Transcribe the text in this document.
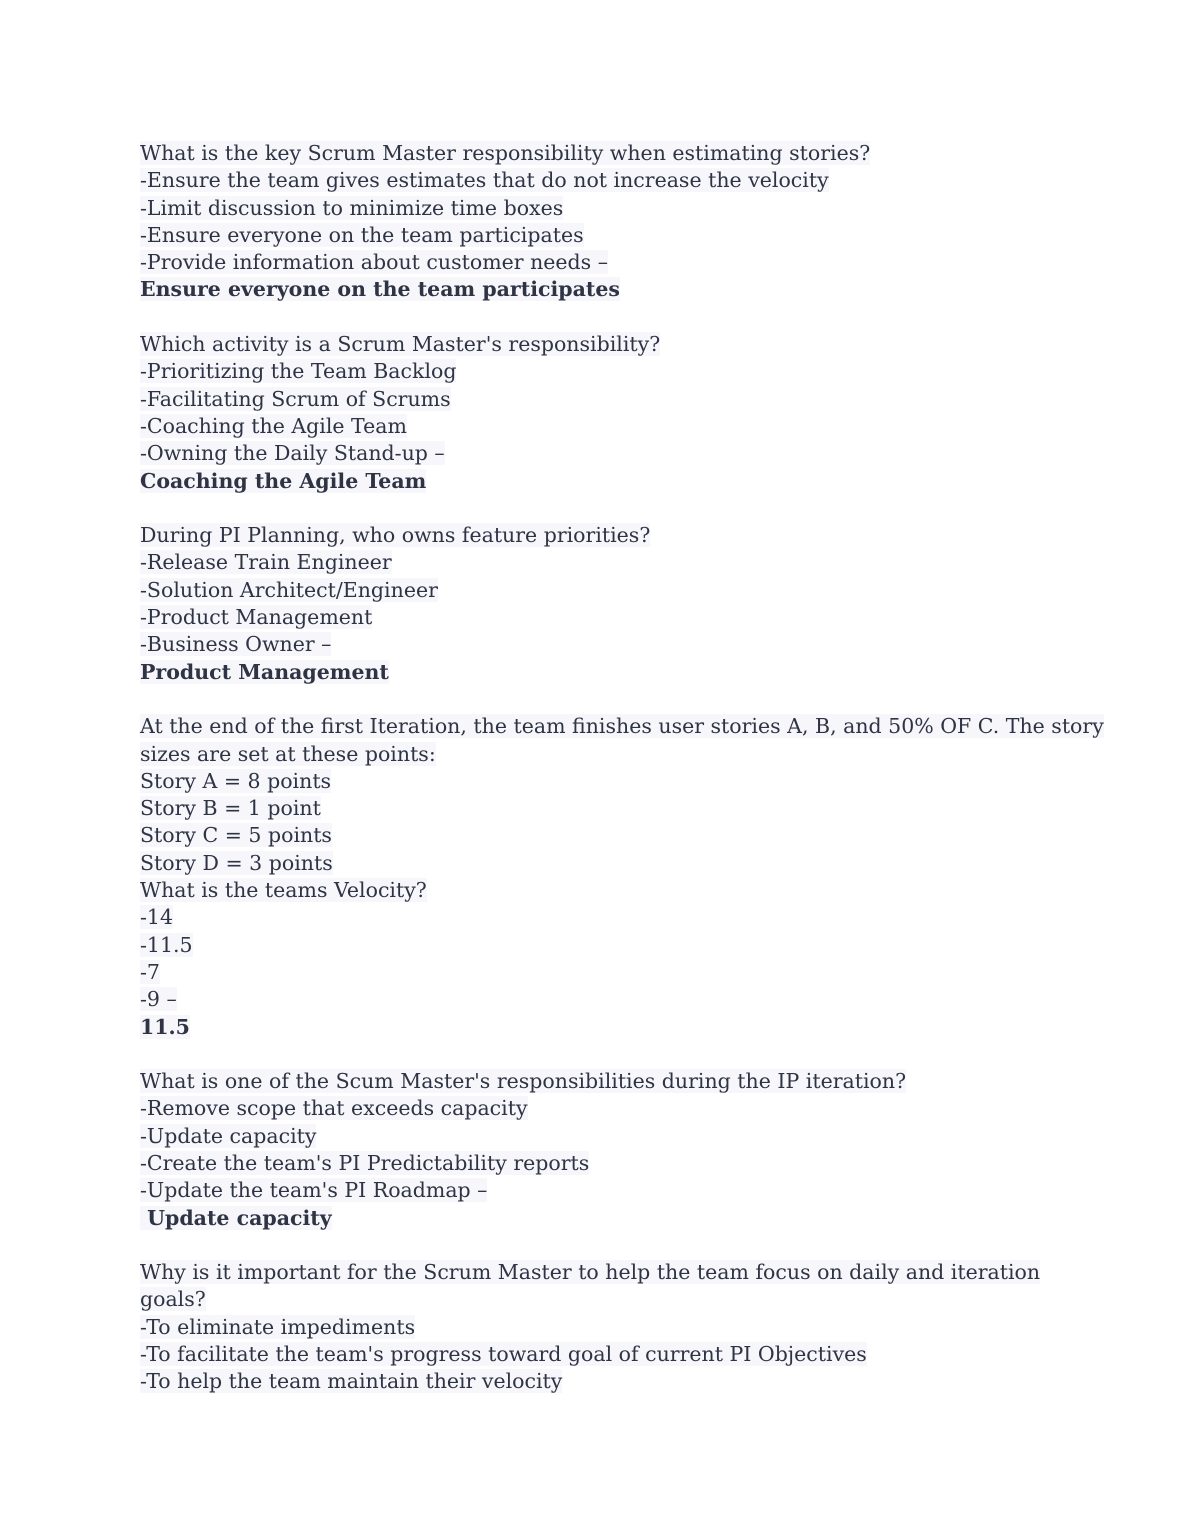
What is the key Scrum Master responsibility when estimating stories?
-Ensure the team gives estimates that do not increase the velocity
-Limit discussion to minimize time boxes
-Ensure everyone on the team participates
-Provide information about customer needs –
Ensure everyone on the team participates
Which activity is a Scrum Master's responsibility?
-Prioritizing the Team Backlog
-Facilitating Scrum of Scrums
-Coaching the Agile Team
-Owning the Daily Stand-up –
Coaching the Agile Team
During PI Planning, who owns feature priorities?
-Release Train Engineer
-Solution Architect/Engineer
-Product Management
-Business Owner –
Product Management
At the end of the first Iteration, the team finishes user stories A, B, and 50% OF C. The story
sizes are set at these points:
Story A = 8 points
Story B = 1 point
Story C = 5 points
Story D = 3 points
What is the teams Velocity?
-14
-11.5
-7
-9 –
11.5
What is one of the Scum Master's responsibilities during the IP iteration?
-Remove scope that exceeds capacity
-Update capacity
-Create the team's PI Predictability reports
-Update the team's PI Roadmap –
Update capacity
Why is it important for the Scrum Master to help the team focus on daily and iteration
goals?
-To eliminate impediments
-To facilitate the team's progress toward goal of current PI Objectives
-To help the team maintain their velocity
